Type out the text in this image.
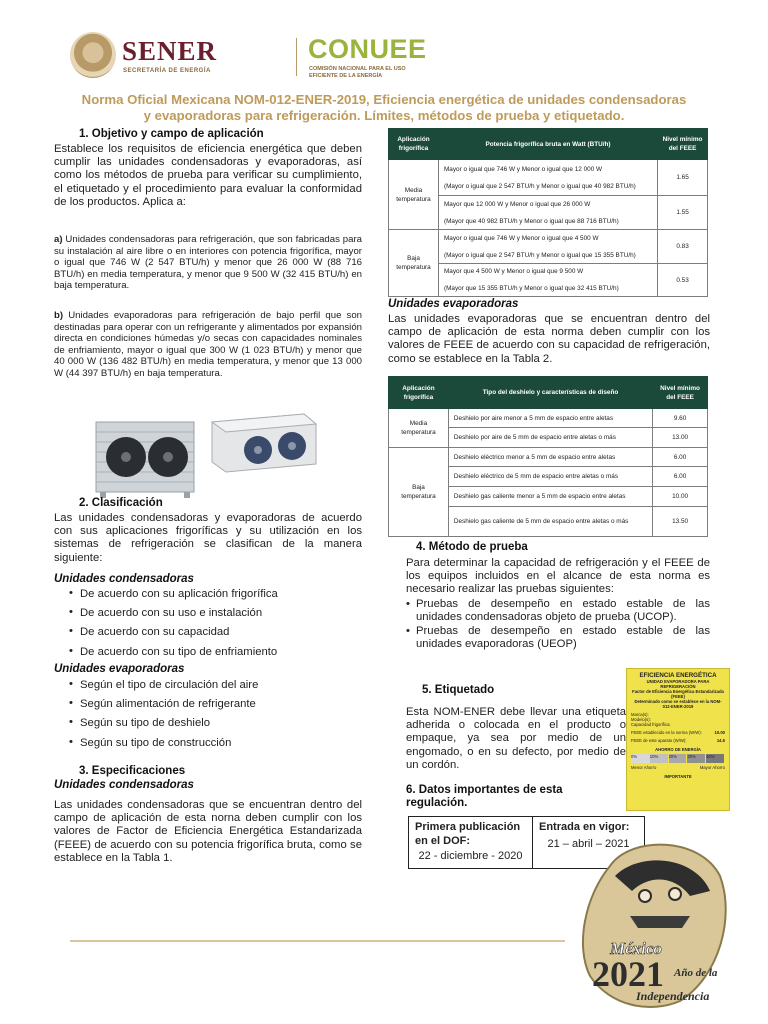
SENER
SECRETARÍA DE ENERGÍA
CONUEE
COMISIÓN NACIONAL PARA EL USO EFICIENTE DE LA ENERGÍA
Norma Oficial Mexicana NOM-012-ENER-2019, Eficiencia energética de unidades condensadoras
y evaporadoras para refrigeración. Límites, métodos de prueba y etiquetado.
1. Objetivo y campo de aplicación
Establece los requisitos de eficiencia energética que deben cumplir las unidades condensadoras y evaporadoras, así como los métodos de prueba para verificar su cumplimiento, el etiquetado y el procedimiento para evaluar la conformidad de los productos. Aplica a:
a) Unidades condensadoras para refrigeración, que son fabricadas para su instalación al aire libre o en interiores con potencia frigorífica, mayor o igual que 746 W (2 547 BTU/h) y menor que 26 000 W (88 716 BTU/h) en media temperatura, y menor que 9 500 W (32 415 BTU/h) en baja temperatura.
b) Unidades evaporadoras para refrigeración de bajo perfil que son destinadas para operar con un refrigerante y alimentados por expansión directa en condiciones húmedas y/o secas con capacidades nominales de enfriamiento, mayor o igual que 300 W (1 023 BTU/h) y menor que 40 000 W (136 482 BTU/h) en media temperatura, y menor que 13 000 W (44 397 BTU/h) en baja temperatura.
2. Clasificación
Las unidades condensadoras y evaporadoras de acuerdo con sus aplicaciones frigoríficas y su utilización en los sistemas de refrigeración se clasifican de la manera siguiente:
Unidades condensadoras
• De acuerdo con su aplicación frigorífica
• De acuerdo con su uso e instalación
• De acuerdo con su capacidad
• De acuerdo con su tipo de enfriamiento
Unidades evaporadoras
• Según el tipo de circulación del aire
• Según alimentación de refrigerante
• Según su tipo de deshielo
• Según su tipo de construcción
3. Especificaciones
Unidades condensadoras
Las unidades condensadoras que se encuentran dentro del campo de aplicación de esta norna deben cumplir con los valores de Factor de Eficiencia Energética Estandarizada (FEEE) de acuerdo con su potencia frigorífica bruta, como se establece en la Tabla 1.
Aplicación frigorífica	Potencia frigorífica bruta en Watt (BTU/h)	Nivel mínimo del FEEE
Media temperatura	Mayor o igual que 746 W y Menor o igual que 12 000 W
(Mayor o igual que 2 547 BTU/h y Menor o igual que 40 982 BTU/h)	1.65

	Mayor que 12 000 W y Menor o igual que 26 000 W
(Mayor que 40 982 BTU/h y Menor o igual que 88 716 BTU/h)	1.55
Baja temperatura	Mayor o igual que 746 W y Menor o igual que 4 500 W
(Mayor o igual que 2 547 BTU/h y Menor o igual que 15 355 BTU/h)	0.83

	Mayor que 4 500 W y Menor o igual que 9 500 W
(Mayor que 15 355 BTU/h y Menor o igual que 32 415 BTU/h)	0.53
Unidades evaporadoras
Las unidades evaporadoras que se encuentran dentro del campo de aplicación de esta norma deben cumplir con los valores de FEEE de acuerdo con su capacidad de refrigeración, como se establece en la Tabla 2.
Aplicación frigorífica	Tipo del deshielo y características de diseño	Nivel mínimo del FEEE
Media temperatura	Deshielo por aire menor a 5 mm de espacio entre aletas	9.60
	Deshielo por aire de 5 mm de espacio entre aletas o más	13.00
Baja temperatura	Deshielo eléctrico menor a 5 mm de espacio entre aletas	6.00
	Deshielo eléctrico de 5 mm de espacio entre aletas o más	6.00
	Deshielo gas caliente menor a 5 mm de espacio entre aletas	10.00
	Deshielo gas caliente de 5 mm de espacio entre aletas o más	13.50
4. Método de prueba
Para determinar la capacidad de refrigeración y el FEEE de los equipos incluidos en el alcance de esta norma es necesario realizar las pruebas siguientes:
• Pruebas de desempeño en estado estable de las unidades condensadoras objeto de prueba (UCOP).
• Pruebas de desempeño en estado estable de las unidades evaporadoras (UEOP)
5. Etiquetado
Esta NOM-ENER debe llevar una etiqueta adherida o colocada en el producto o empaque, ya sea por medio de un engomado, o en su defecto, por medio de un cordón.
EFICIENCIA ENERGÉTICA
UNIDAD EVAPORADORA PARA REFRIGERACIÓN
Factor de Eficiencia Energética Estandarizada (FEEE)
Determinado como se establece en la NOM-012-ENER-2019
Marca(s):
Modelo(s):
Capacidad frigorífica:
FEEE establecido en la norma (W/W):	10.00
FEEE de este aparato (W/W):	14.5
AHORRO DE ENERGÍA
0%	10%	20%	30%	40%
Menor Ahorro	Mayor Ahorro
IMPORTANTE
6. Datos importantes de esta regulación.
Primera publicación en el DOF:
22 - diciembre - 2020

Entrada en vigor:
21 – abril – 2021
México
2021 Año de la
Independencia
